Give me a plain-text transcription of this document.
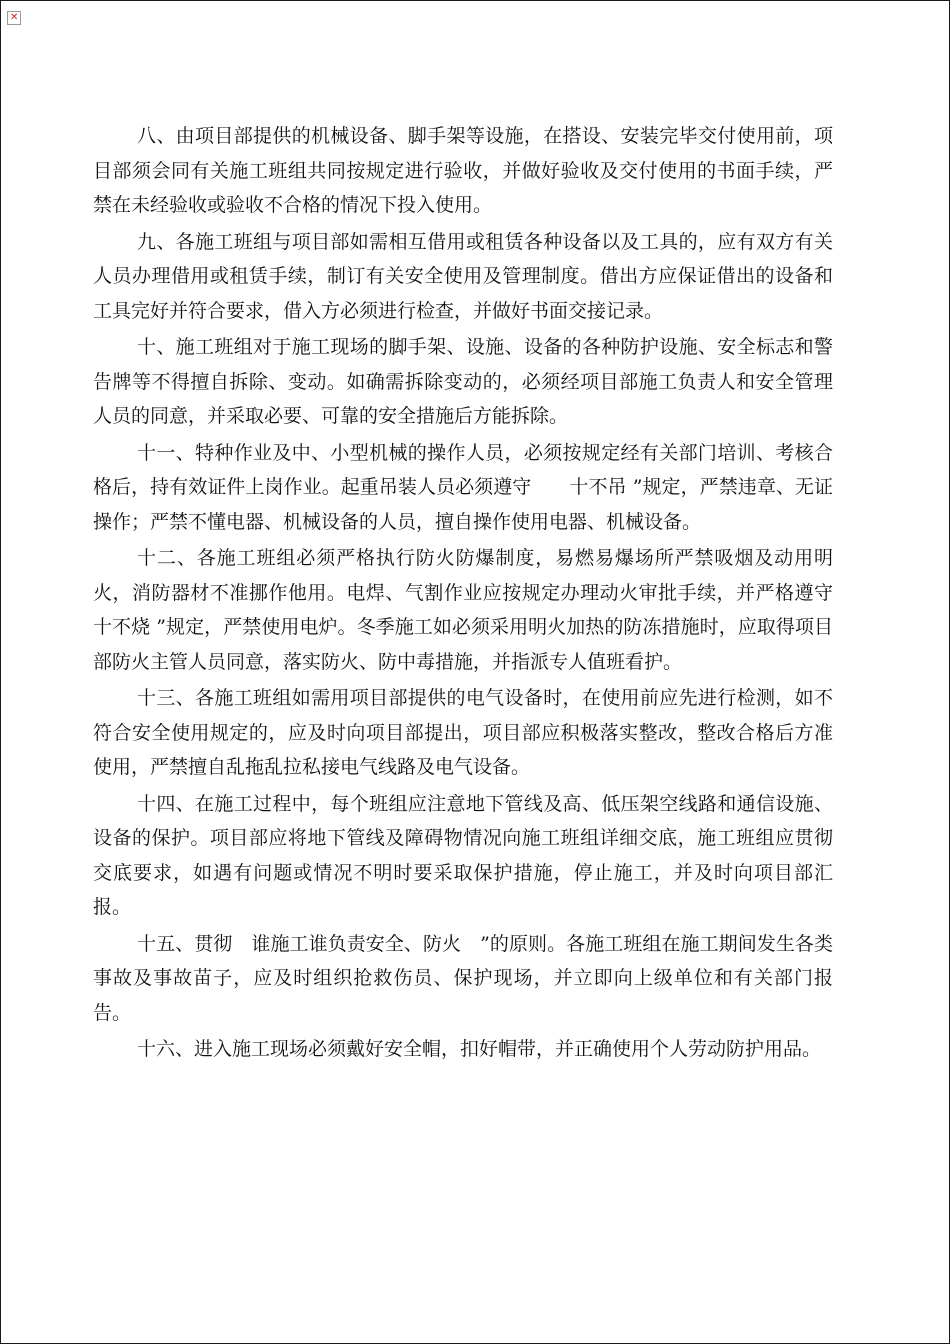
✕

八、由项目部提供的机械设备、脚手架等设施，在搭设、安装完毕交付使用前，项目部须会同有关施工班组共同按规定进行验收，并做好验收及交付使用的书面手续，严禁在未经验收或验收不合格的情况下投入使用。

九、各施工班组与项目部如需相互借用或租赁各种设备以及工具的，应有双方有关人员办理借用或租赁手续，制订有关安全使用及管理制度。借出方应保证借出的设备和工具完好并符合要求，借入方必须进行检查，并做好书面交接记录。

十、施工班组对于施工现场的脚手架、设施、设备的各种防护设施、安全标志和警告牌等不得擅自拆除、变动。如确需拆除变动的，必须经项目部施工负责人和安全管理人员的同意，并采取必要、可靠的安全措施后方能拆除。

十一、特种作业及中、小型机械的操作人员，必须按规定经有关部门培训、考核合格后，持有效证件上岗作业。起重吊装人员必须遵守　　十不吊 ”规定，严禁违章、无证操作；严禁不懂电器、机械设备的人员，擅自操作使用电器、机械设备。

十二、各施工班组必须严格执行防火防爆制度，易燃易爆场所严禁吸烟及动用明火，消防器材不准挪作他用。电焊、气割作业应按规定办理动火审批手续，并严格遵守　十不烧 ”规定，严禁使用电炉。冬季施工如必须采用明火加热的防冻措施时，应取得项目部防火主管人员同意，落实防火、防中毒措施，并指派专人值班看护。

十三、各施工班组如需用项目部提供的电气设备时，在使用前应先进行检测，如不符合安全使用规定的，应及时向项目部提出，项目部应积极落实整改，整改合格后方准使用，严禁擅自乱拖乱拉私接电气线路及电气设备。

十四、在施工过程中，每个班组应注意地下管线及高、低压架空线路和通信设施、设备的保护。项目部应将地下管线及障碍物情况向施工班组详细交底，施工班组应贯彻交底要求，如遇有问题或情况不明时要采取保护措施，停止施工，并及时向项目部汇报。

十五、贯彻　谁施工谁负责安全、防火　”的原则。各施工班组在施工期间发生各类事故及事故苗子，应及时组织抢救伤员、保护现场，并立即向上级单位和有关部门报告。

十六、进入施工现场必须戴好安全帽，扣好帽带，并正确使用个人劳动防护用品。
